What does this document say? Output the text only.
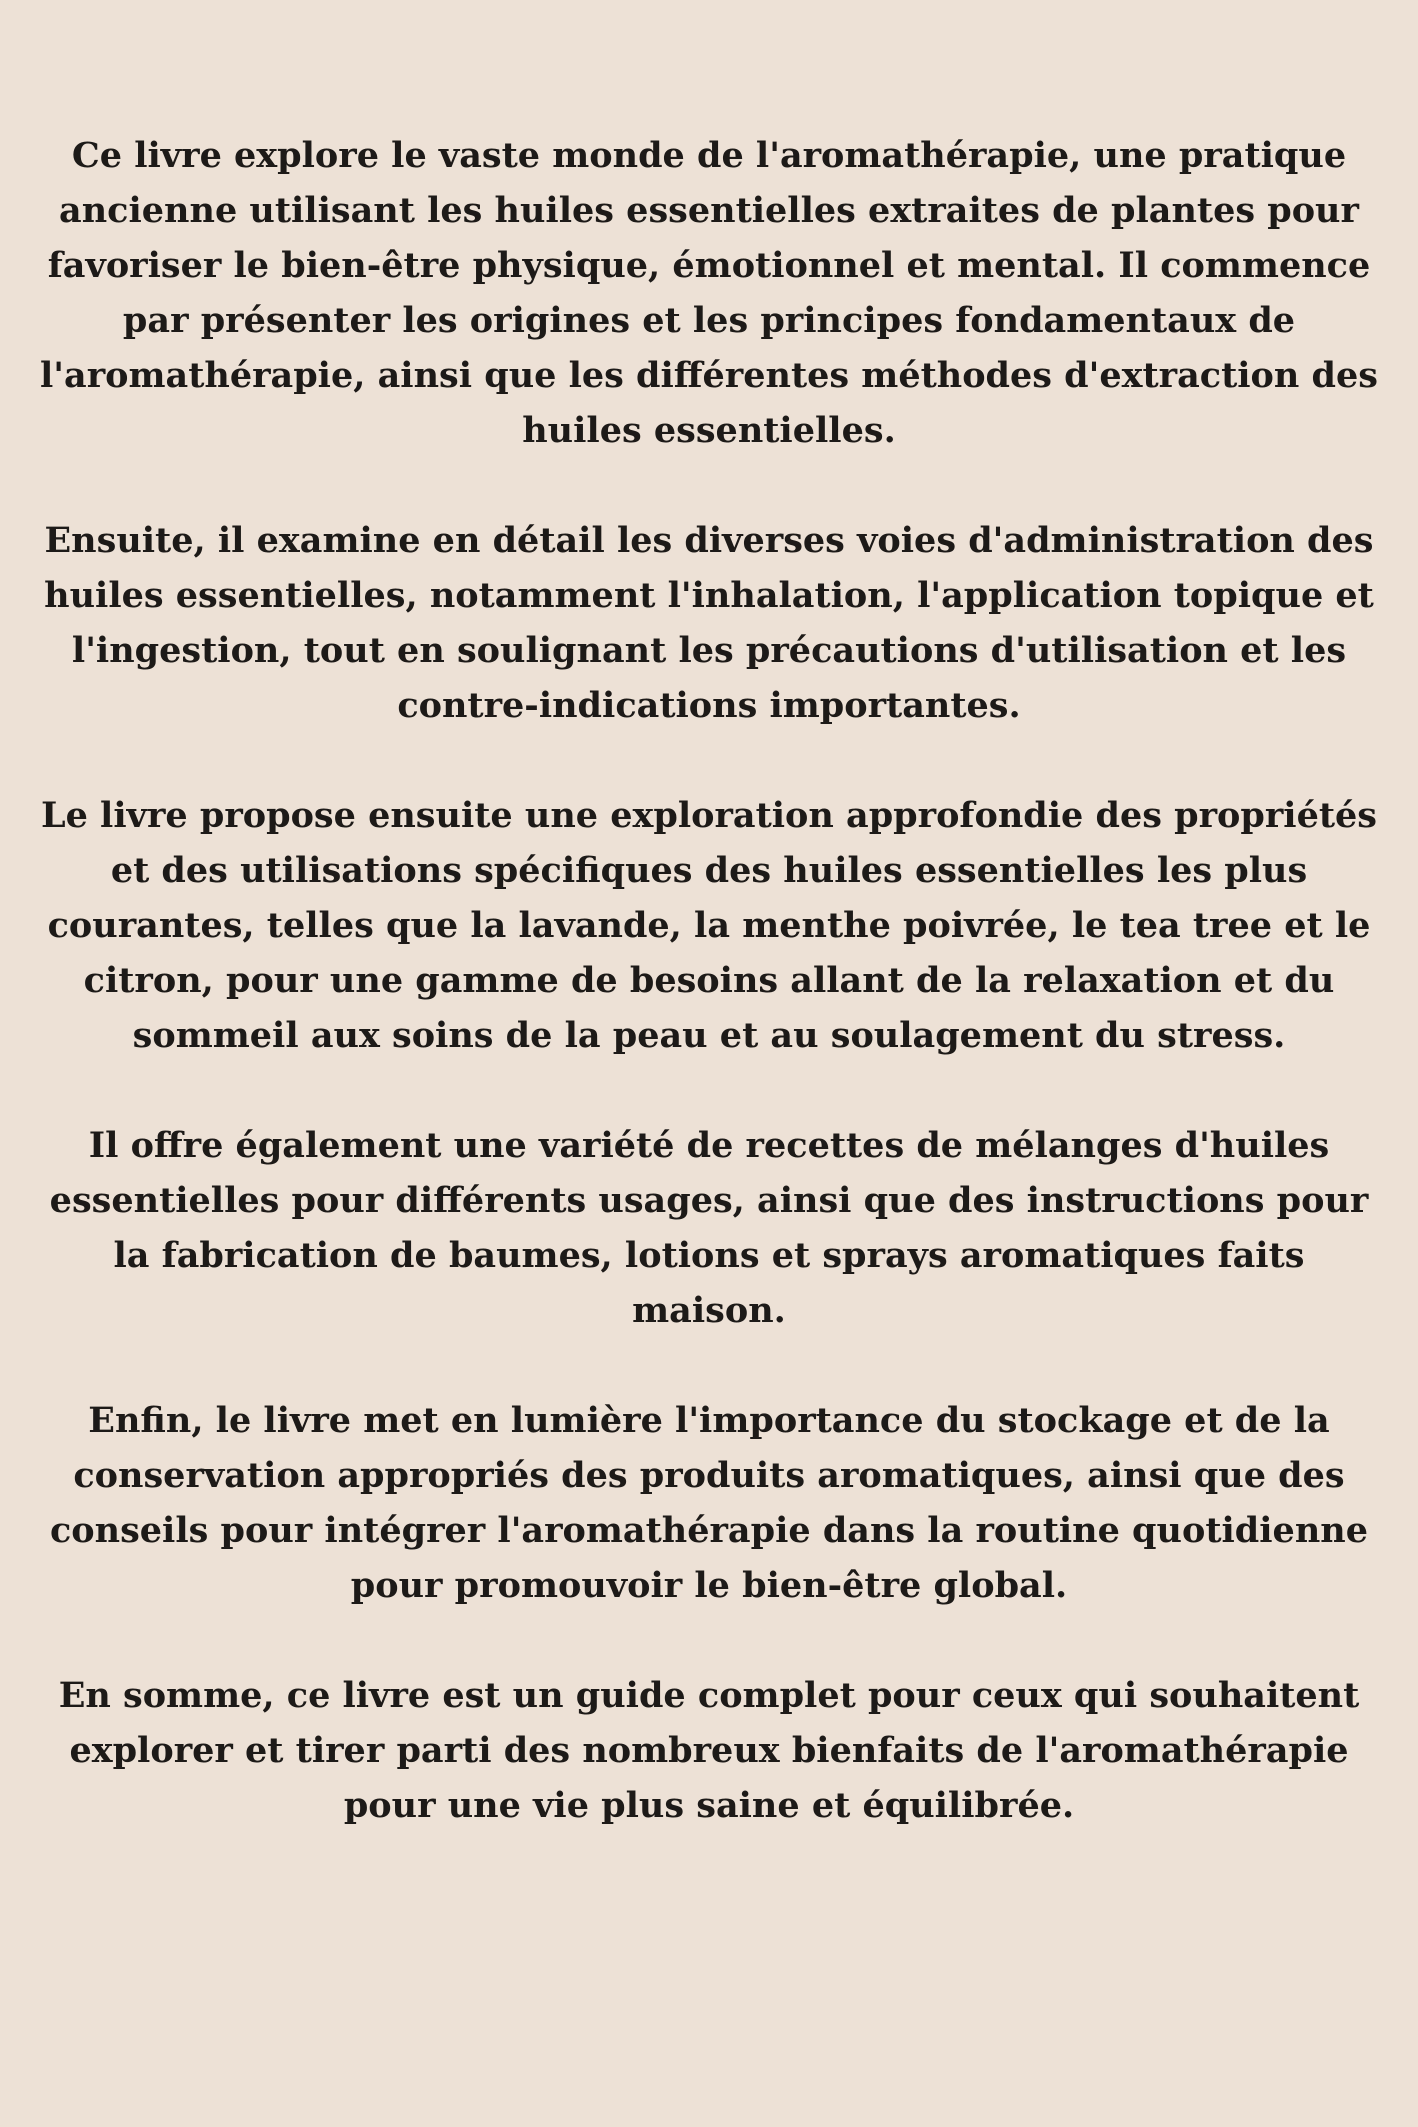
Ce livre explore le vaste monde de l'aromathérapie, une pratique ancienne utilisant les huiles essentielles extraites de plantes pour favoriser le bien-être physique, émotionnel et mental. Il commence par présenter les origines et les principes fondamentaux de l'aromathérapie, ainsi que les différentes méthodes d'extraction des huiles essentielles.

Ensuite, il examine en détail les diverses voies d'administration des huiles essentielles, notamment l'inhalation, l'application topique et l'ingestion, tout en soulignant les précautions d'utilisation et les contre-indications importantes.

Le livre propose ensuite une exploration approfondie des propriétés et des utilisations spécifiques des huiles essentielles les plus courantes, telles que la lavande, la menthe poivrée, le tea tree et le citron, pour une gamme de besoins allant de la relaxation et du sommeil aux soins de la peau et au soulagement du stress.

Il offre également une variété de recettes de mélanges d'huiles essentielles pour différents usages, ainsi que des instructions pour la fabrication de baumes, lotions et sprays aromatiques faits maison.

Enfin, le livre met en lumière l'importance du stockage et de la conservation appropriés des produits aromatiques, ainsi que des conseils pour intégrer l'aromathérapie dans la routine quotidienne pour promouvoir le bien-être global.

En somme, ce livre est un guide complet pour ceux qui souhaitent explorer et tirer parti des nombreux bienfaits de l'aromathérapie pour une vie plus saine et équilibrée.
